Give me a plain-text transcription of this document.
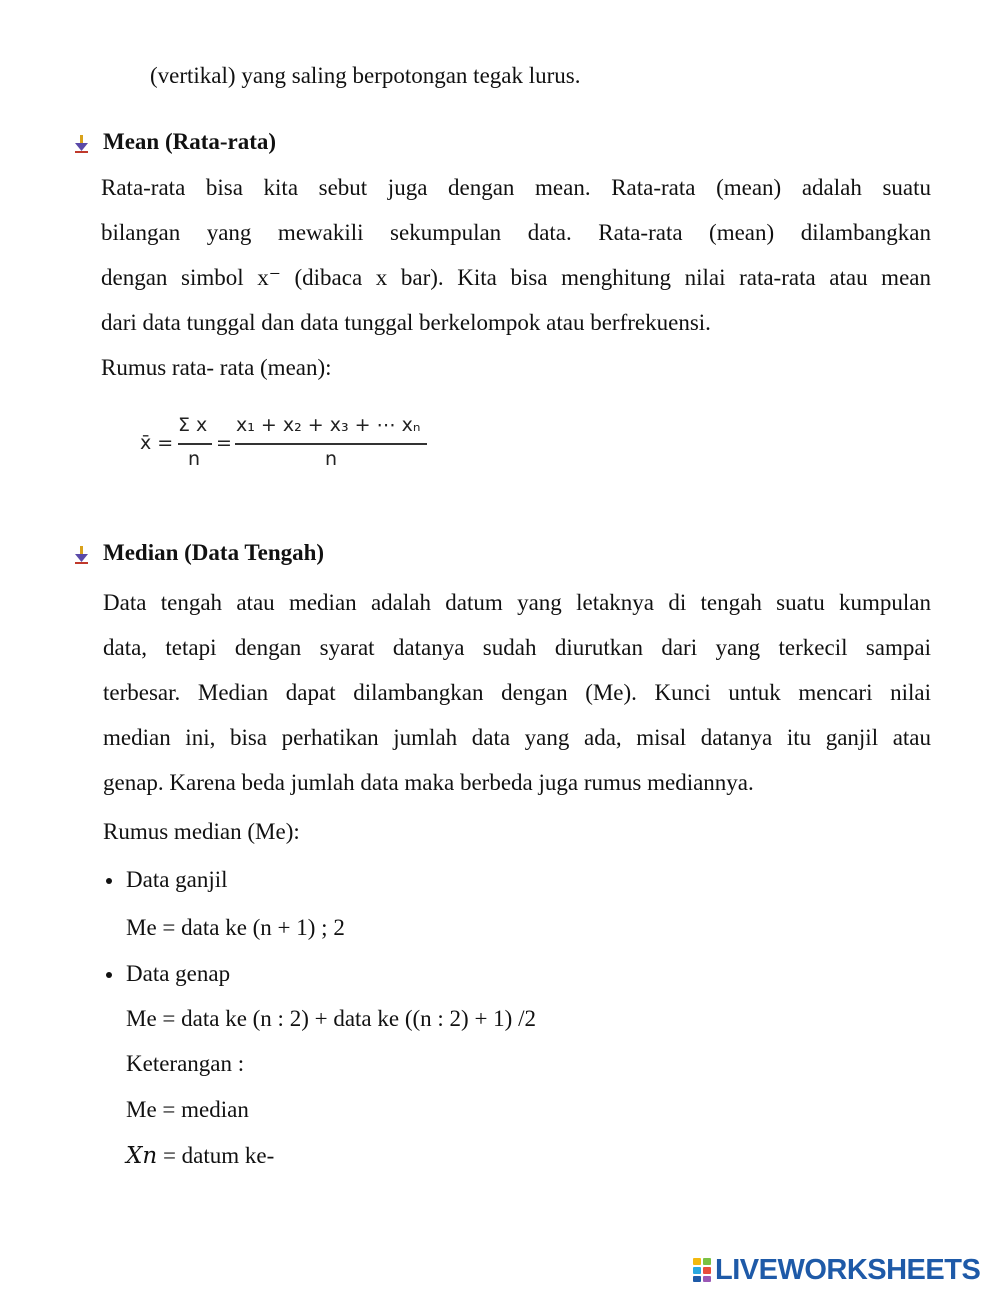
(vertikal) yang saling berpotongan tegak lurus.
Mean (Rata-rata)
Rata-rata bisa kita sebut juga dengan mean. Rata-rata (mean) adalah suatu
bilangan yang mewakili sekumpulan data. Rata-rata (mean) dilambangkan
dengan simbol x⁻ (dibaca x bar). Kita bisa menghitung nilai rata-rata atau mean
dari data tunggal dan data tunggal berkelompok atau berfrekuensi.
Rumus rata- rata (mean):
x̄ =
Σ x
n
=
x₁ + x₂ + x₃ + ⋯ xₙ
n
Median (Data Tengah)
Data tengah atau median adalah datum yang letaknya di tengah suatu kumpulan
data, tetapi dengan syarat datanya sudah diurutkan dari yang terkecil sampai
terbesar. Median dapat dilambangkan dengan (Me). Kunci untuk mencari nilai
median ini, bisa perhatikan jumlah data yang ada, misal datanya itu ganjil atau
genap. Karena beda jumlah data maka berbeda juga rumus mediannya.
Rumus median (Me):
Data ganjil
Me = data ke (n + 1) ; 2
Data genap
Me = data ke (n : 2) + data ke ((n : 2) + 1) /2
Keterangan :
Me = median
Xn = datum ke-
LIVEWORKSHEETS
